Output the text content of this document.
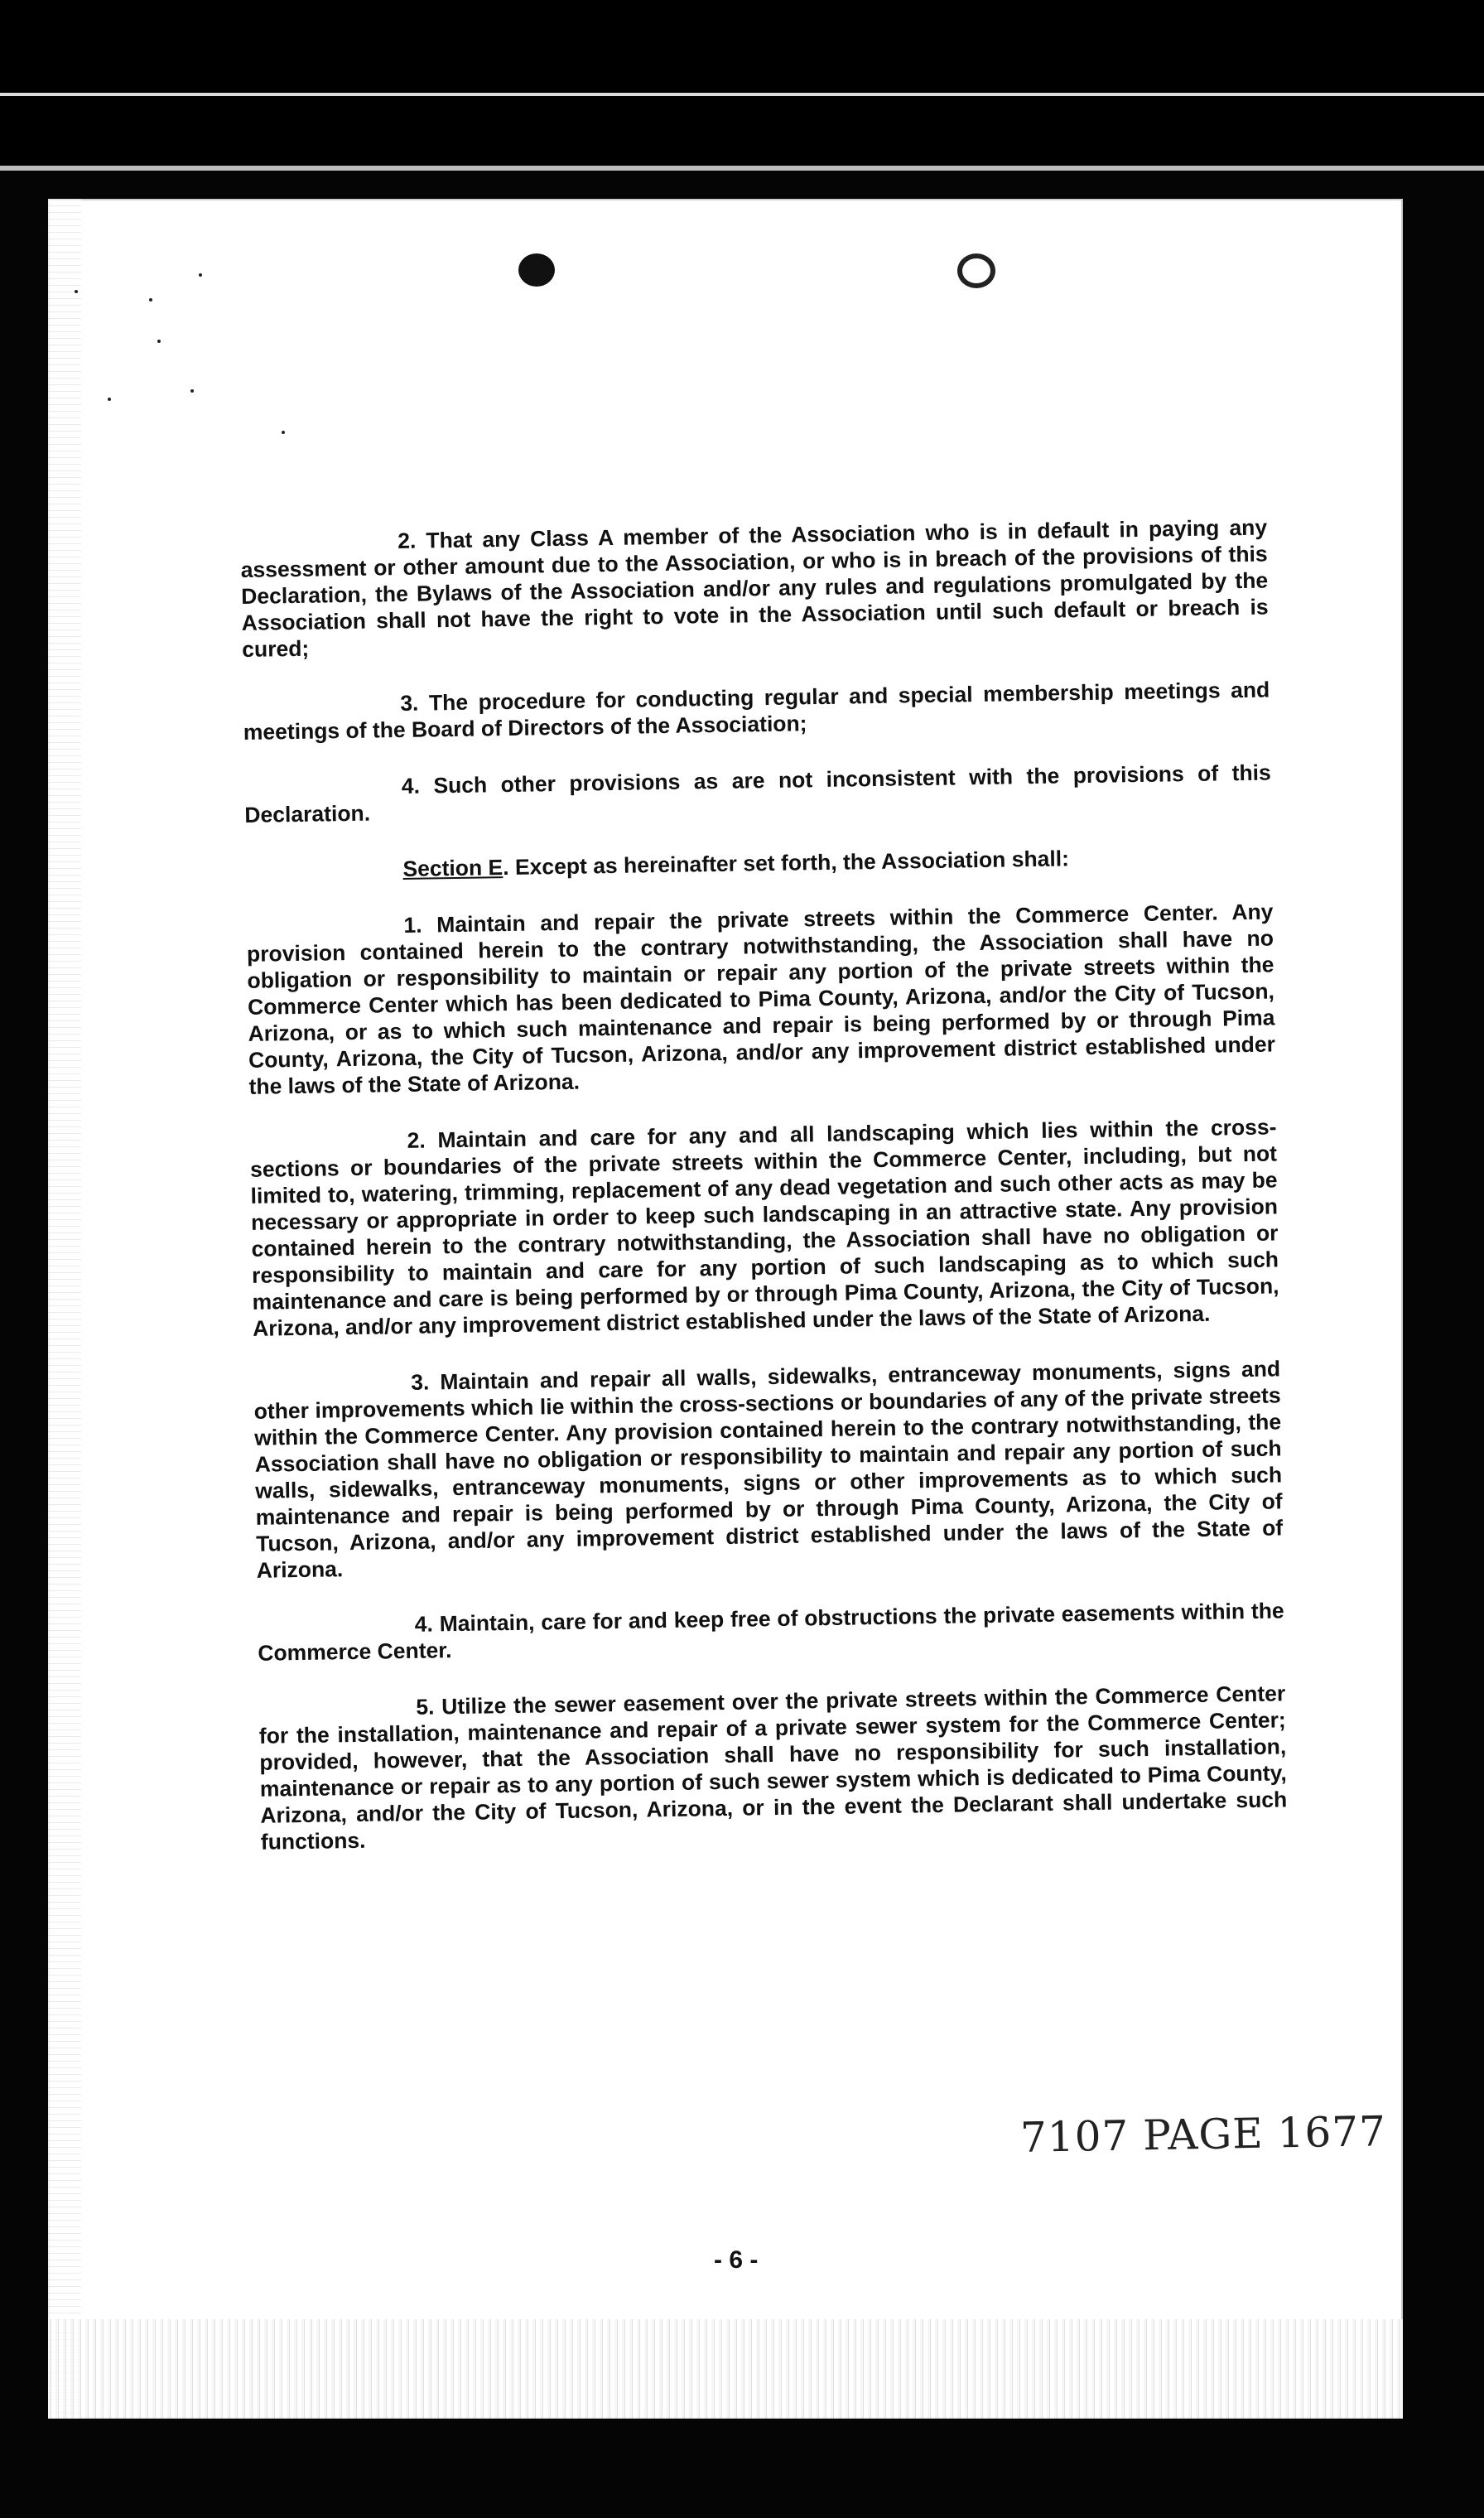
2. That any Class A member of the Association who is in default in paying any assessment or other amount due to the Association, or who is in breach of the provisions of this Declaration, the Bylaws of the Association and/or any rules and regulations promulgated by the Association shall not have the right to vote in the Association until such default or breach is cured;

3. The procedure for conducting regular and special membership meetings and meetings of the Board of Directors of the Association;

4. Such other provisions as are not inconsistent with the provisions of this Declaration.

Section E. Except as hereinafter set forth, the Association shall:

1. Maintain and repair the private streets within the Commerce Center. Any provision contained herein to the contrary notwithstanding, the Association shall have no obligation or responsibility to maintain or repair any portion of the private streets within the Commerce Center which has been dedicated to Pima County, Arizona, and/or the City of Tucson, Arizona, or as to which such maintenance and repair is being performed by or through Pima County, Arizona, the City of Tucson, Arizona, and/or any improvement district established under the laws of the State of Arizona.

2. Maintain and care for any and all landscaping which lies within the cross-sections or boundaries of the private streets within the Commerce Center, including, but not limited to, watering, trimming, replacement of any dead vegetation and such other acts as may be necessary or appropriate in order to keep such landscaping in an attractive state. Any provision contained herein to the contrary notwithstanding, the Association shall have no obligation or responsibility to maintain and care for any portion of such landscaping as to which such maintenance and care is being performed by or through Pima County, Arizona, the City of Tucson, Arizona, and/or any improvement district established under the laws of the State of Arizona.

3. Maintain and repair all walls, sidewalks, entranceway monuments, signs and other improvements which lie within the cross-sections or boundaries of any of the private streets within the Commerce Center. Any provision contained herein to the contrary notwithstanding, the Association shall have no obligation or responsibility to maintain and repair any portion of such walls, sidewalks, entranceway monuments, signs or other improvements as to which such maintenance and repair is being performed by or through Pima County, Arizona, the City of Tucson, Arizona, and/or any improvement district established under the laws of the State of Arizona.

4. Maintain, care for and keep free of obstructions the private easements within the Commerce Center.

5. Utilize the sewer easement over the private streets within the Commerce Center for the installation, maintenance and repair of a private sewer system for the Commerce Center; provided, however, that the Association shall have no responsibility for such installation, maintenance or repair as to any portion of such sewer system which is dedicated to Pima County, Arizona, and/or the City of Tucson, Arizona, or in the event the Declarant shall undertake such functions.

7107 PAGE 1677
- 6 -
